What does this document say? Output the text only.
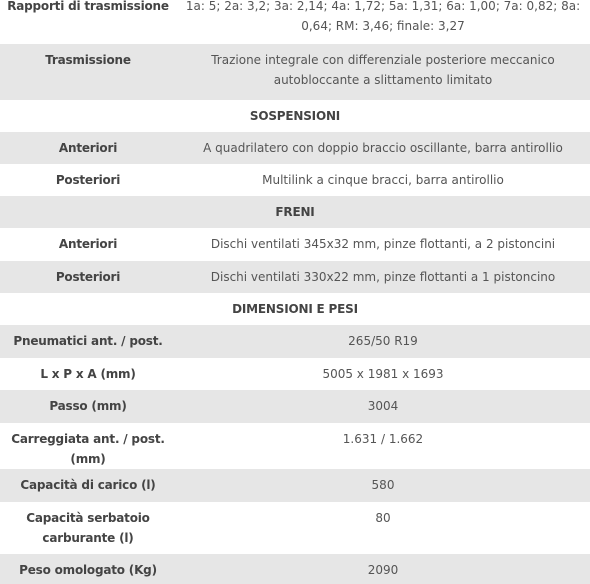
Rapporti di trasmissione	1a: 5; 2a: 3,2; 3a: 2,14; 4a: 1,72; 5a: 1,31; 6a: 1,00; 7a: 0,82; 8a: 0,64; RM: 3,46; finale: 3,27
Trasmissione	Trazione integrale con differenziale posteriore meccanico autobloccante a slittamento limitato
SOSPENSIONI	
Anteriori	A quadrilatero con doppio braccio oscillante, barra antirollio
Posteriori	Multilink a cinque bracci, barra antirollio
FRENI	
Anteriori	Dischi ventilati 345x32 mm, pinze flottanti, a 2 pistoncini
Posteriori	Dischi ventilati 330x22 mm, pinze flottanti a 1 pistoncino
DIMENSIONI E PESI	
Pneumatici ant. / post.	265/50 R19
L x P x A (mm)	5005 x 1981 x 1693
Passo (mm)	3004
Carreggiata ant. / post. (mm)	1.631 / 1.662
Capacità di carico (l)	580
Capacità serbatoio carburante (l)	80
Peso omologato (Kg)	2090
